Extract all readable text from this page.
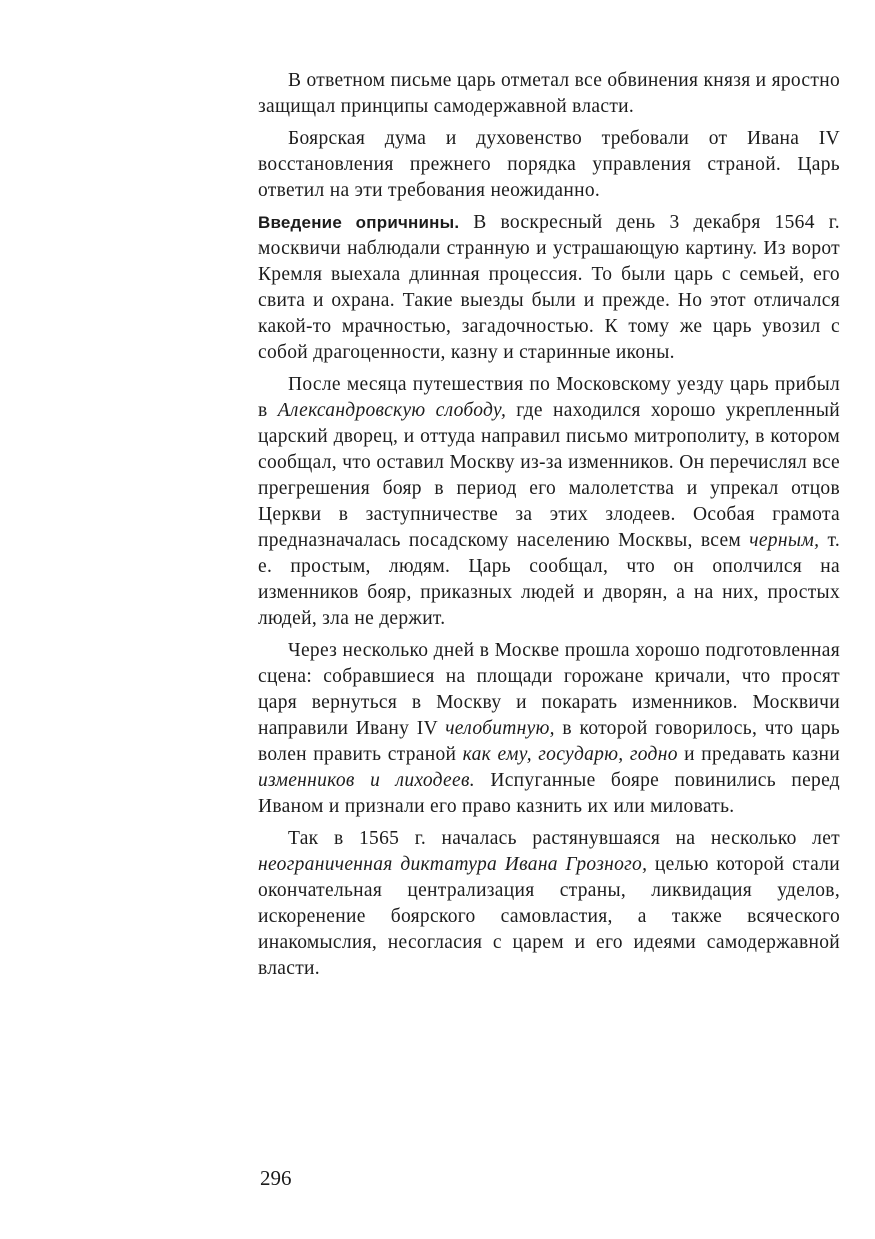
В ответном письме царь отметал все обвинения князя и яростно защищал принципы самодержавной власти.

Боярская дума и духовенство требовали от Ивана IV восстановления прежнего порядка управления страной. Царь ответил на эти требования неожиданно.

Введение опричнины. В воскресный день 3 декабря 1564 г. москвичи наблюдали странную и устрашающую картину. Из ворот Кремля выехала длинная процессия. То были царь с семьей, его свита и охрана. Такие выезды были и прежде. Но этот отличался какой-то мрачностью, загадочностью. К тому же царь увозил с собой драгоценности, казну и старинные иконы.

После месяца путешествия по Московскому уезду царь прибыл в Александровскую слободу, где находился хорошо укрепленный царский дворец, и оттуда направил письмо митрополиту, в котором сообщал, что оставил Москву из-за изменников. Он перечислял все прегрешения бояр в период его малолетства и упрекал отцов Церкви в заступничестве за этих злодеев. Особая грамота предназначалась посадскому населению Москвы, всем черным, т. е. простым, людям. Царь сообщал, что он ополчился на изменников бояр, приказных людей и дворян, а на них, простых людей, зла не держит.

Через несколько дней в Москве прошла хорошо подготовленная сцена: собравшиеся на площади горожане кричали, что просят царя вернуться в Москву и покарать изменников. Москвичи направили Ивану IV челобитную, в которой говорилось, что царь волен править страной как ему, государю, годно и предавать казни изменников и лиходеев. Испуганные бояре повинились перед Иваном и признали его право казнить их или миловать.

Так в 1565 г. началась растянувшаяся на несколько лет неограниченная диктатура Ивана Грозного, целью которой стали окончательная централизация страны, ликвидация уделов, искоренение боярского самовластия, а также всяческого инакомыслия, несогласия с царем и его идеями самодержавной власти.

296
